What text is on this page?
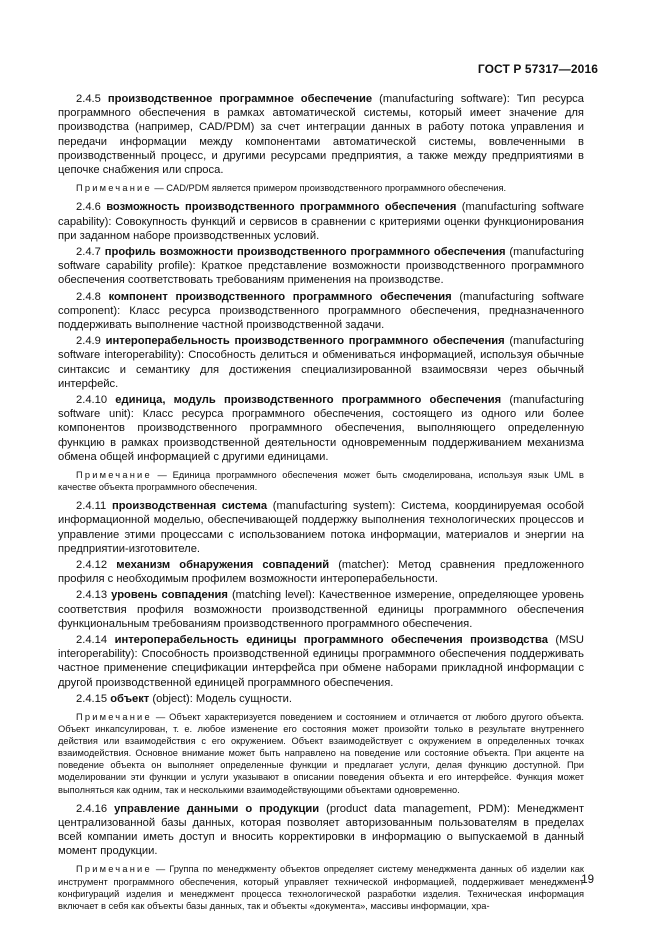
ГОСТ Р 57317—2016

2.4.5 производственное программное обеспечение (manufacturing software): Тип ресурса программного обеспечения в рамках автоматической системы, который имеет значение для производства (например, CAD/PDM) за счет интеграции данных в работу потока управления и передачи информации между компонентами автоматической системы, вовлеченными в производственный процесс, и другими ресурсами предприятия, а также между предприятиями в цепочке снабжения или спроса.

Примечание — CAD/PDM является примером производственного программного обеспечения.

2.4.6 возможность производственного программного обеспечения (manufacturing software capability): Совокупность функций и сервисов в сравнении с критериями оценки функционирования при заданном наборе производственных условий.

2.4.7 профиль возможности производственного программного обеспечения (manufacturing software capability profile): Краткое представление возможности производственного программного обеспечения соответствовать требованиям применения на производстве.

2.4.8 компонент производственного программного обеспечения (manufacturing software component): Класс ресурса производственного программного обеспечения, предназначенного поддерживать выполнение частной производственной задачи.

2.4.9 интероперабельность производственного программного обеспечения (manufacturing software interoperability): Способность делиться и обмениваться информацией, используя обычные синтаксис и семантику для достижения специализированной взаимосвязи через обычный интерфейс.

2.4.10 единица, модуль производственного программного обеспечения (manufacturing software unit): Класс ресурса программного обеспечения, состоящего из одного или более компонентов производственного программного обеспечения, выполняющего определенную функцию в рамках производственной деятельности одновременным поддерживанием механизма обмена общей информацией с другими единицами.

Примечание — Единица программного обеспечения может быть смоделирована, используя язык UML в качестве объекта программного обеспечения.

2.4.11 производственная система (manufacturing system): Система, координируемая особой информационной моделью, обеспечивающей поддержку выполнения технологических процессов и управление этими процессами с использованием потока информации, материалов и энергии на предприятии-изготовителе.

2.4.12 механизм обнаружения совпадений (matcher): Метод сравнения предложенного профиля с необходимым профилем возможности интероперабельности.

2.4.13 уровень совпадения (matching level): Качественное измерение, определяющее уровень соответствия профиля возможности производственной единицы программного обеспечения функциональным требованиям производственного программного обеспечения.

2.4.14 интероперабельность единицы программного обеспечения производства (MSU interoperability): Способность производственной единицы программного обеспечения поддерживать частное применение спецификации интерфейса при обмене наборами прикладной информации с другой производственной единицей программного обеспечения.

2.4.15 объект (object): Модель сущности.

Примечание — Объект характеризуется поведением и состоянием и отличается от любого другого объекта. Объект инкапсулирован, т. е. любое изменение его состояния может произойти только в результате внутреннего действия или взаимодействия с его окружением. Объект взаимодействует с окружением в определенных точках взаимодействия. Основное внимание может быть направлено на поведение или состояние объекта. При акценте на поведение объекта он выполняет определенные функции и предлагает услуги, делая функцию доступной. При моделировании эти функции и услуги указывают в описании поведения объекта и его интерфейсе. Функция может выполняться как одним, так и несколькими взаимодействующими объектами одновременно.

2.4.16 управление данными о продукции (product data management, PDM): Менеджмент централизованной базы данных, которая позволяет авторизованным пользователям в пределах всей компании иметь доступ и вносить корректировки в информацию о выпускаемой в данный момент продукции.

Примечание — Группа по менеджменту объектов определяет систему менеджмента данных об изделии как инструмент программного обеспечения, который управляет технической информацией, поддерживает менеджмент конфигураций изделия и менеджмент процесса технологической разработки изделия. Техническая информация включает в себя как объекты базы данных, так и объекты «документа», массивы информации, хра-

19
